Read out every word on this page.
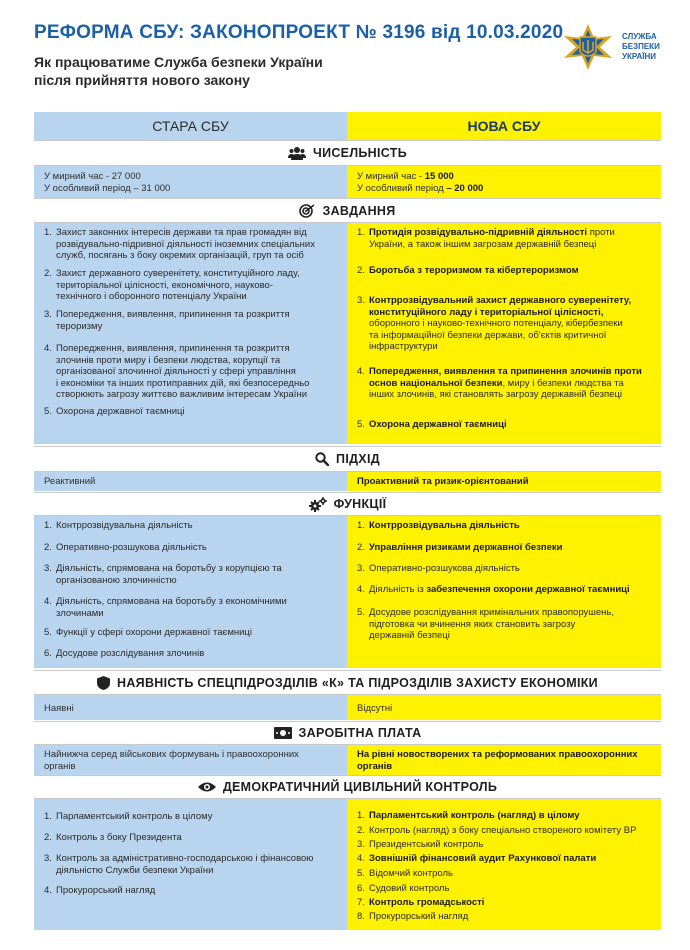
РЕФОРМА СБУ: ЗАКОНОПРОЕКТ № 3196 від 10.03.2020
Як працюватиме Служба безпеки України
після прийняття нового закону
СЛУЖБА
БЕЗПЕКИ
УКРАЇНИ
СТАРА СБУ	НОВА СБУ
ЧИСЕЛЬНІСТЬ
У мирний час - 27 000
У особливий період – 31 000
У мирний час - 15 000
У особливий період – 20 000
ЗАВДАННЯ
1. Захист законних інтересів держави та прав громадян від
розвідувально-підривної діяльності іноземних спеціальних
служб, посягань з боку окремих організацій, груп та осіб
2. Захист державного суверенітету, конституційного ладу,
територіальної цілісності, економічного, науково-
технічного і оборонного потенціалу України
3. Попередження, виявлення, припинення та розкриття
тероризму
4. Попередження, виявлення, припинення та розкриття
злочинів проти миру і безпеки людства, корупції та
організованої злочинної діяльності у сфері управління
і економіки та інших протиправних дій, які безпосередньо
створюють загрозу життєво важливим інтересам України
5. Охорона державної таємниці
1. Протидія розвідувально-підривній діяльності проти
України, а також іншим загрозам державній безпеці
2. Боротьба з тероризмом та кібертероризмом
3. Контррозвідувальний захист державного суверенітету,
конституційного ладу і територіальної цілісності,
оборонного і науково-технічного потенціалу, кібербезпеки
та інформаційної безпеки держави, об'єктів критичної
інфраструктури
4. Попередження, виявлення та припинення злочинів проти
основ національної безпеки, миру і безпеки людства та
інших злочинів, які становлять загрозу державній безпеці
5. Охорона державної таємниці
ПІДХІД
Реактивний	Проактивний та ризик-орієнтований
ФУНКЦІЇ
1. Контррозвідувальна діяльність
2. Оперативно-розшукова діяльність
3. Діяльність, спрямована на боротьбу з корупцією та
організованою злочинністю
4. Діяльність, спрямована на боротьбу з економічними
злочинами
5. Функції у сфері охорони державної таємниці
6. Досудове розслідування злочинів
1. Контррозвідувальна діяльність
2. Управління ризиками державної безпеки
3. Оперативно-розшукова діяльність
4. Діяльність із забезпечення охорони державної таємниці
5. Досудове розслідування кримінальних правопорушень,
підготовка чи вчинення яких становить загрозу
державній безпеці
НАЯВНІСТЬ СПЕЦПІДРОЗДІЛІВ «К» ТА ПІДРОЗДІЛІВ ЗАХИСТУ ЕКОНОМІКИ
Наявні	Відсутні
ЗАРОБІТНА ПЛАТА
Найнижча серед військових формувань і правоохоронних
органів
На рівні новостворених та реформованих правоохоронних
органів
ДЕМОКРАТИЧНИЙ ЦИВІЛЬНИЙ КОНТРОЛЬ
1. Парламентський контроль в цілому
2. Контроль з боку Президента
3. Контроль за адміністративно-господарською і фінансовою
діяльністю Служби безпеки України
4. Прокурорський нагляд
1. Парламентський контроль (нагляд) в цілому
2. Контроль (нагляд) з боку спеціально створеного комітету ВР
3. Президентський контроль
4. Зовнішній фінансовий аудит Рахункової палати
5. Відомчий контроль
6. Судовий контроль
7. Контроль громадськості
8. Прокурорський нагляд
